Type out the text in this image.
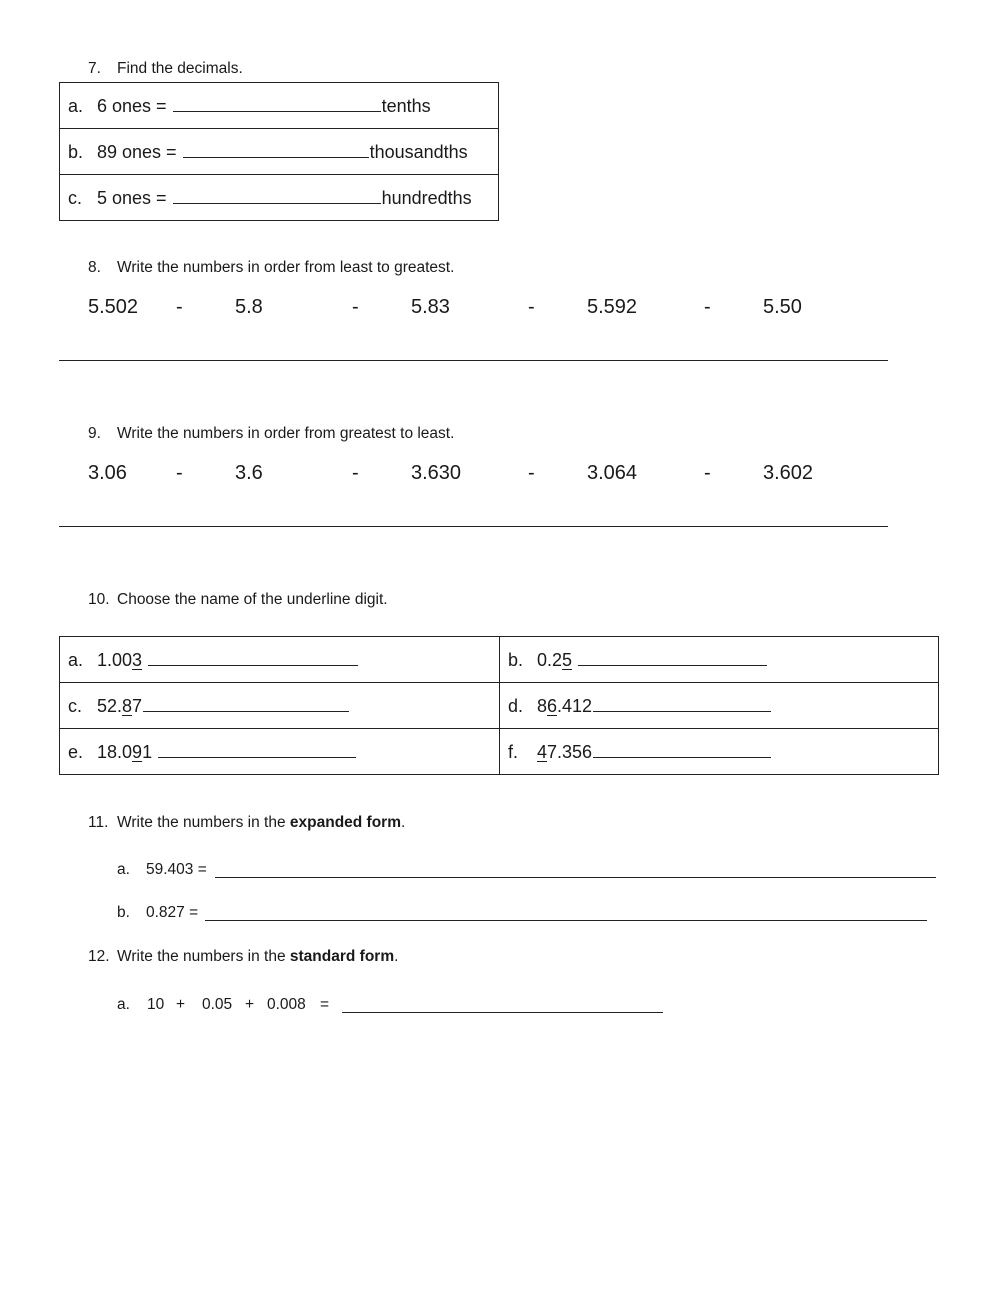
7. Find the decimals.
a. 6 ones =	tenths
b. 89 ones =	thousandths
c. 5 ones =	hundredths
8. Write the numbers in order from least to greatest.
5.502 -	5.8	-	5.83	-	5.592	-	5.50
9. Write the numbers in order from greatest to least.
3.06 -	3.6	-	3.630	-	3.064	-	3.602
10. Choose the name of the underline digit.
a. 1.003	b. 0.25
c. 52.87	d. 86.412
e. 18.091	f. 47.356
11. Write the numbers in the expanded form.
a. 59.403 =
b. 0.827 =
12. Write the numbers in the standard form.
a. 10 + 0.05 + 0.008 =
